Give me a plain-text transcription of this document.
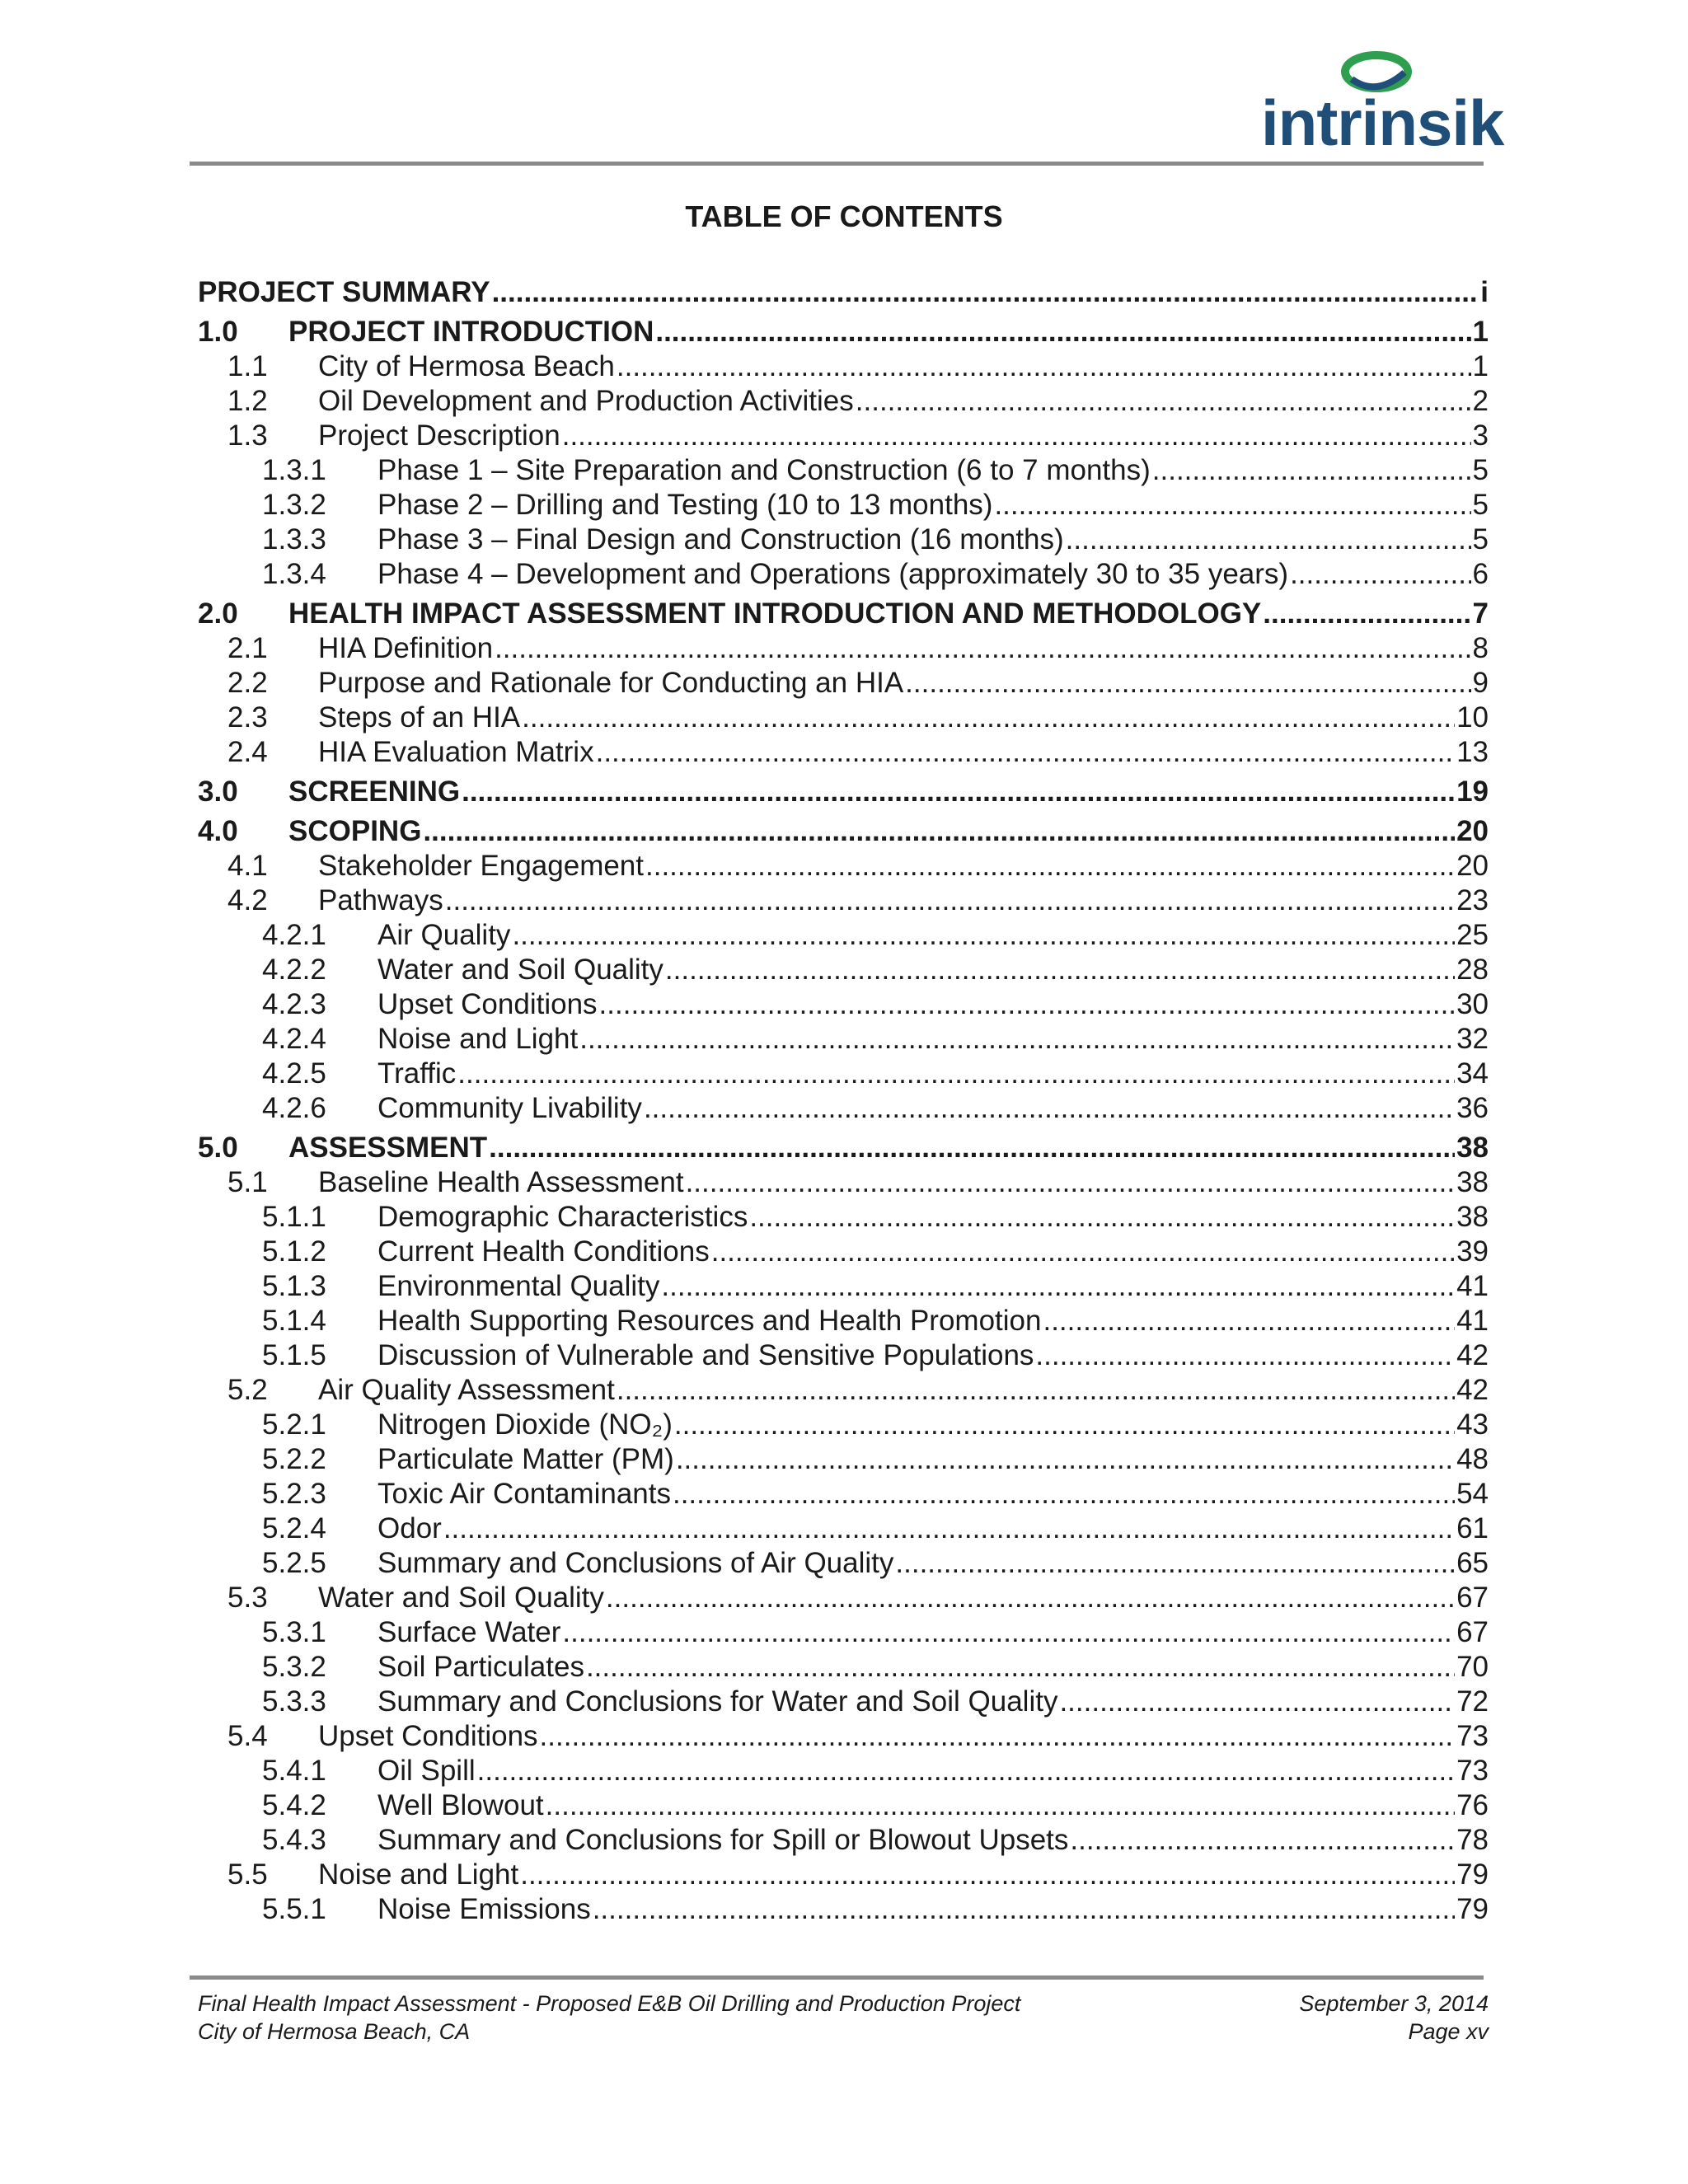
intrinsik
TABLE OF CONTENTS
PROJECT SUMMARY .....	i
1.0	PROJECT INTRODUCTION .....	1
1.1	City of Hermosa Beach .....	1
1.2	Oil Development and Production Activities .....	2
1.3	Project Description .....	3
1.3.1	Phase 1 – Site Preparation and Construction (6 to 7 months) .....	5
1.3.2	Phase 2 – Drilling and Testing (10 to 13 months) .....	5
1.3.3	Phase 3 – Final Design and Construction (16 months) .....	5
1.3.4	Phase 4 – Development and Operations (approximately 30 to 35 years) .....	6
2.0	HEALTH IMPACT ASSESSMENT INTRODUCTION AND METHODOLOGY .....	7
2.1	HIA Definition .....	8
2.2	Purpose and Rationale for Conducting an HIA .....	9
2.3	Steps of an HIA .....	10
2.4	HIA Evaluation Matrix .....	13
3.0	SCREENING .....	19
4.0	SCOPING .....	20
4.1	Stakeholder Engagement .....	20
4.2	Pathways .....	23
4.2.1	Air Quality .....	25
4.2.2	Water and Soil Quality .....	28
4.2.3	Upset Conditions .....	30
4.2.4	Noise and Light .....	32
4.2.5	Traffic .....	34
4.2.6	Community Livability .....	36
5.0	ASSESSMENT .....	38
5.1	Baseline Health Assessment .....	38
5.1.1	Demographic Characteristics .....	38
5.1.2	Current Health Conditions .....	39
5.1.3	Environmental Quality .....	41
5.1.4	Health Supporting Resources and Health Promotion .....	41
5.1.5	Discussion of Vulnerable and Sensitive Populations .....	42
5.2	Air Quality Assessment .....	42
5.2.1	Nitrogen Dioxide (NO₂) .....	43
5.2.2	Particulate Matter (PM) .....	48
5.2.3	Toxic Air Contaminants .....	54
5.2.4	Odor .....	61
5.2.5	Summary and Conclusions of Air Quality .....	65
5.3	Water and Soil Quality .....	67
5.3.1	Surface Water .....	67
5.3.2	Soil Particulates .....	70
5.3.3	Summary and Conclusions for Water and Soil Quality .....	72
5.4	Upset Conditions .....	73
5.4.1	Oil Spill .....	73
5.4.2	Well Blowout .....	76
5.4.3	Summary and Conclusions for Spill or Blowout Upsets .....	78
5.5	Noise and Light .....	79
5.5.1	Noise Emissions .....	79
Final Health Impact Assessment - Proposed E&B Oil Drilling and Production Project
City of Hermosa Beach, CA
September 3, 2014
Page xv
